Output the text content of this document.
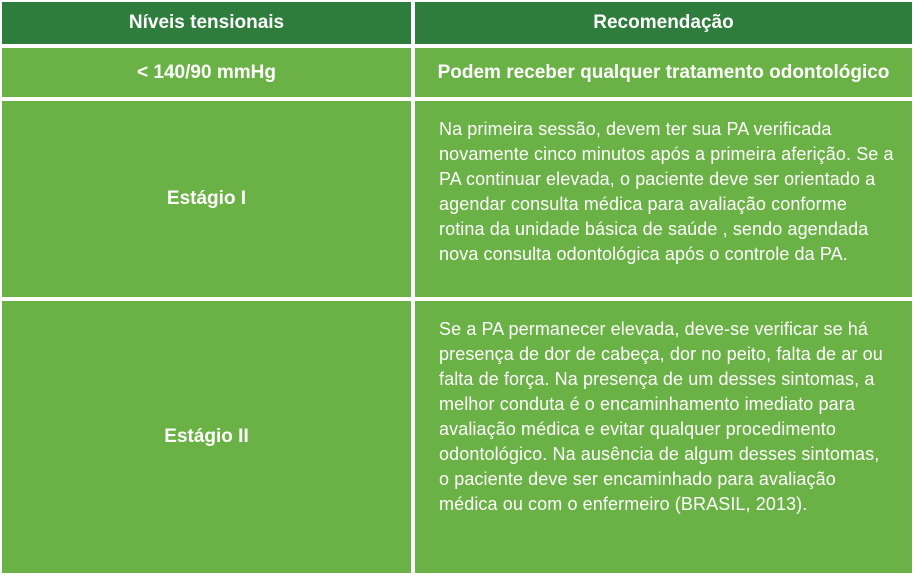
Níveis tensionais	Recomendação
< 140/90 mmHg	Podem receber qualquer tratamento odontológico
Estágio I
Na primeira sessão, devem ter sua PA verificada novamente cinco minutos após a primeira aferição. Se a PA continuar elevada, o paciente deve ser orientado a agendar consulta médica para avaliação conforme rotina da unidade básica de saúde , sendo agendada nova consulta odontológica após o controle da PA.
Estágio II
Se a PA permanecer elevada, deve-se verificar se há presença de dor de cabeça, dor no peito, falta de ar ou falta de força. Na presença de um desses sintomas, a melhor conduta é o encaminhamento imediato para avaliação médica e evitar qualquer procedimento odontológico. Na ausência de algum desses sintomas, o paciente deve ser encaminhado para avaliação médica ou com o enfermeiro (BRASIL, 2013).
